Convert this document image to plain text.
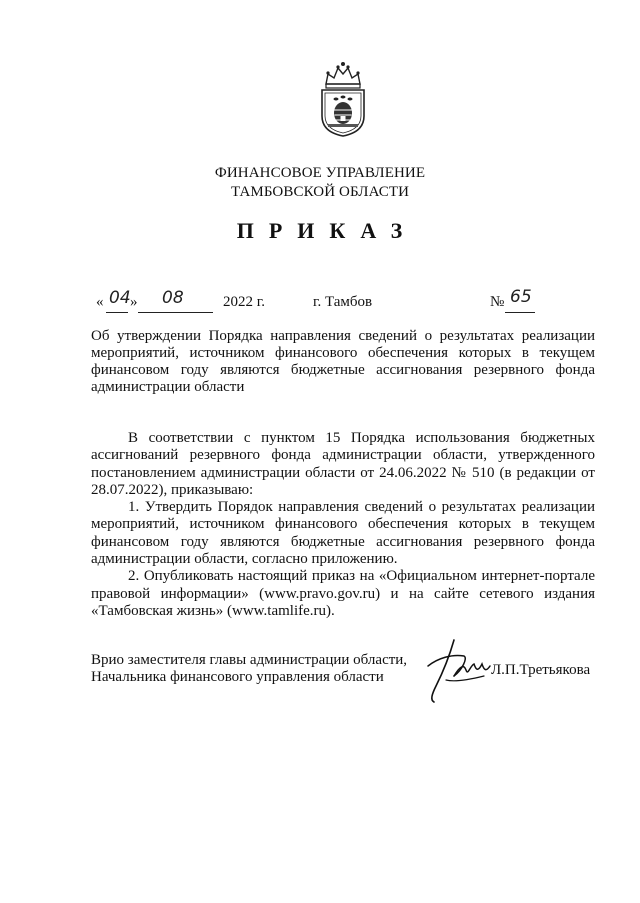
ФИНАНСОВОЕ УПРАВЛЕНИЕ
ТАМБОВСКОЙ ОБЛАСТИ
ПРИКАЗ
« 04 » 08	2022 г.	г. Тамбов	№ 65
Об утверждении Порядка направления сведений о результатах реализации мероприятий, источником финансового обеспечения которых в текущем финансовом году являются бюджетные ассигнования резервного фонда администрации области

В соответствии с пунктом 15 Порядка использования бюджетных ассигнований резервного фонда администрации области, утвержденного постановлением администрации области от 24.06.2022 № 510 (в редакции от 28.07.2022), приказываю:

1. Утвердить Порядок направления сведений о результатах реализации мероприятий, источником финансового обеспечения которых в текущем финансовом году являются бюджетные ассигнования резервного фонда администрации области, согласно приложению.

2. Опубликовать настоящий приказ на «Официальном интернет-портале правовой информации» (www.pravo.gov.ru) и на сайте сетевого издания «Тамбовская жизнь» (www.tamlife.ru).

Врио заместителя главы администрации области,
Начальника финансового управления области	Л.П.Третьякова
